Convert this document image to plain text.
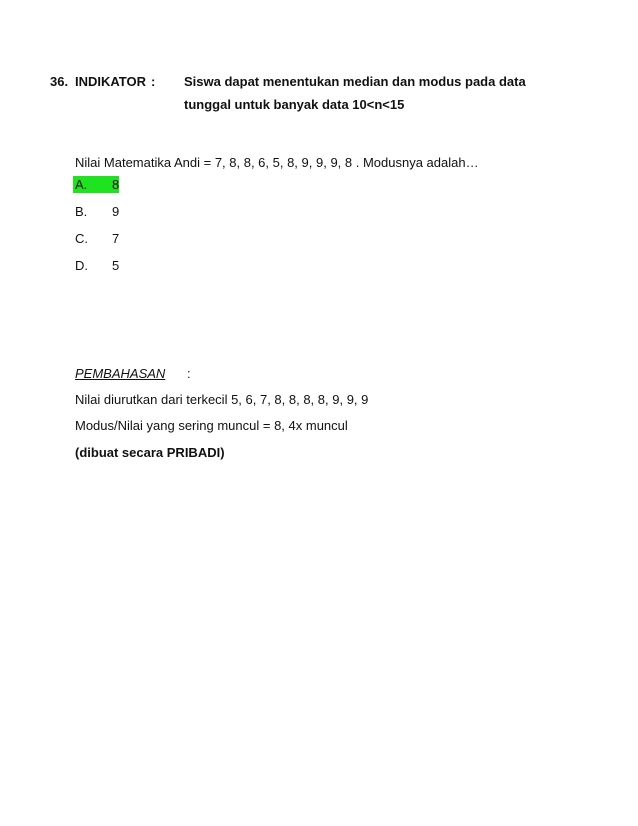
36. INDIKATOR : Siswa dapat menentukan median dan modus pada data
tunggal untuk banyak data 10<n<15
Nilai Matematika Andi = 7, 8, 8, 6, 5, 8, 9, 9, 9, 8 . Modusnya adalah…
A. 8
B. 9
C. 7
D. 5
PEMBAHASAN :
Nilai diurutkan dari terkecil 5, 6, 7, 8, 8, 8, 8, 9, 9, 9
Modus/Nilai yang sering muncul = 8, 4x muncul
(dibuat secara PRIBADI)
